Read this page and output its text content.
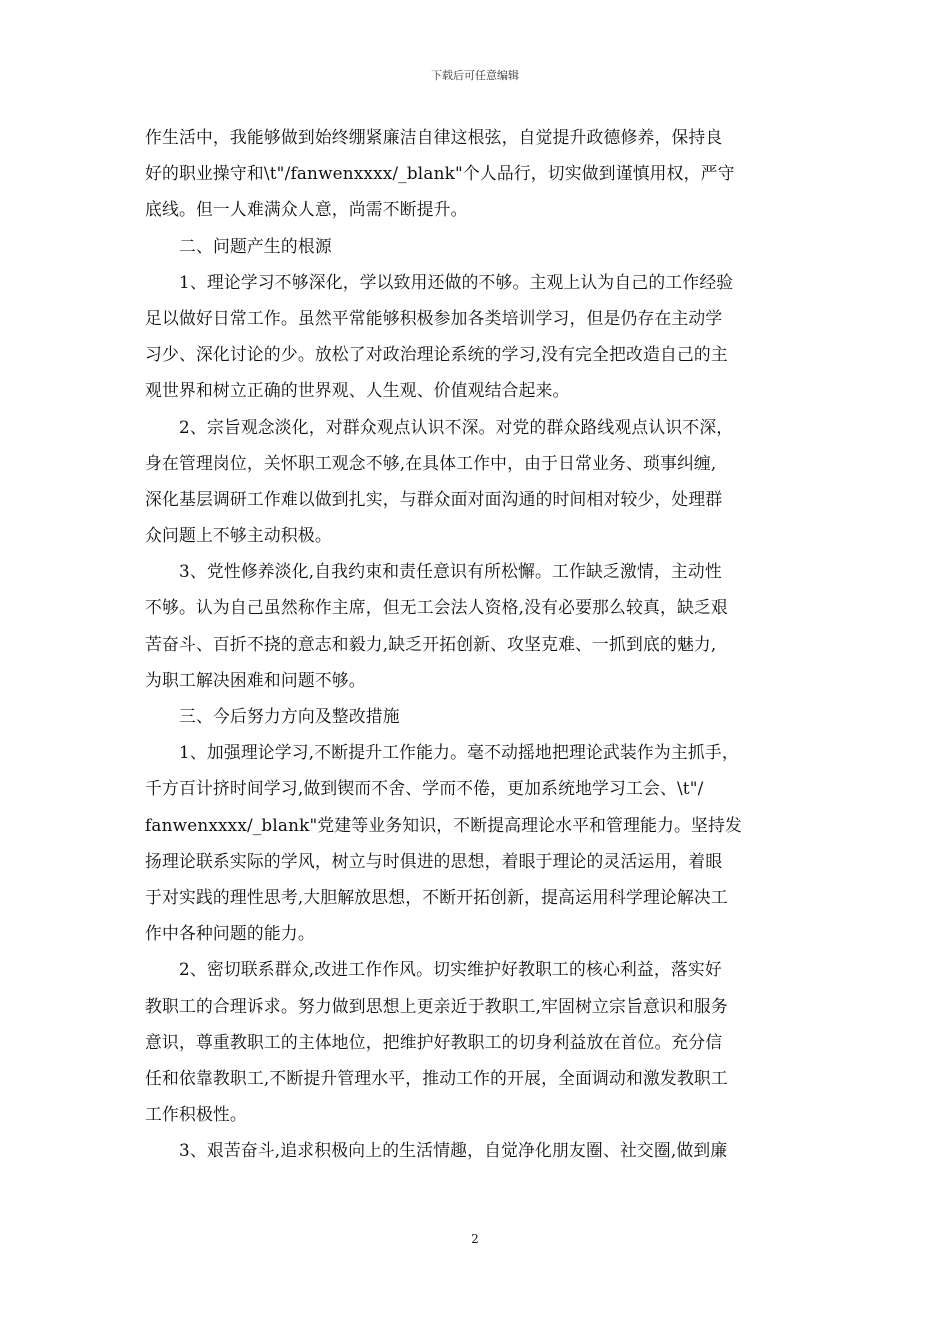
下载后可任意编辑
作生活中，我能够做到始终绷紧廉洁自律这根弦，自觉提升政德修养，保持良
好的职业操守和\t"/fanwenxxxx/_blank"个人品行，切实做到谨慎用权，严守
底线。但一人难满众人意，尚需不断提升。
二、问题产生的根源
1、理论学习不够深化，学以致用还做的不够。主观上认为自己的工作经验
足以做好日常工作。虽然平常能够积极参加各类培训学习，但是仍存在主动学
习少、深化讨论的少。放松了对政治理论系统的学习,没有完全把改造自己的主
观世界和树立正确的世界观、人生观、价值观结合起来。
2、宗旨观念淡化，对群众观点认识不深。对党的群众路线观点认识不深，
身在管理岗位，关怀职工观念不够,在具体工作中，由于日常业务、琐事纠缠,
深化基层调研工作难以做到扎实，与群众面对面沟通的时间相对较少，处理群
众问题上不够主动积极。
3、党性修养淡化,自我约束和责任意识有所松懈。工作缺乏激情，主动性
不够。认为自己虽然称作主席，但无工会法人资格,没有必要那么较真，缺乏艰
苦奋斗、百折不挠的意志和毅力,缺乏开拓创新、攻坚克难、一抓到底的魅力,
为职工解决困难和问题不够。
三、今后努力方向及整改措施
1、加强理论学习,不断提升工作能力。毫不动摇地把理论武装作为主抓手，
千方百计挤时间学习,做到锲而不舍、学而不倦，更加系统地学习工会、\t"/
fanwenxxxx/_blank"党建等业务知识，不断提高理论水平和管理能力。坚持发
扬理论联系实际的学风，树立与时俱进的思想，着眼于理论的灵活运用，着眼
于对实践的理性思考,大胆解放思想，不断开拓创新，提高运用科学理论解决工
作中各种问题的能力。
2、密切联系群众,改进工作作风。切实维护好教职工的核心利益，落实好
教职工的合理诉求。努力做到思想上更亲近于教职工,牢固树立宗旨意识和服务
意识，尊重教职工的主体地位，把维护好教职工的切身利益放在首位。充分信
任和依靠教职工,不断提升管理水平，推动工作的开展，全面调动和激发教职工
工作积极性。
3、艰苦奋斗,追求积极向上的生活情趣，自觉净化朋友圈、社交圈,做到廉
2
